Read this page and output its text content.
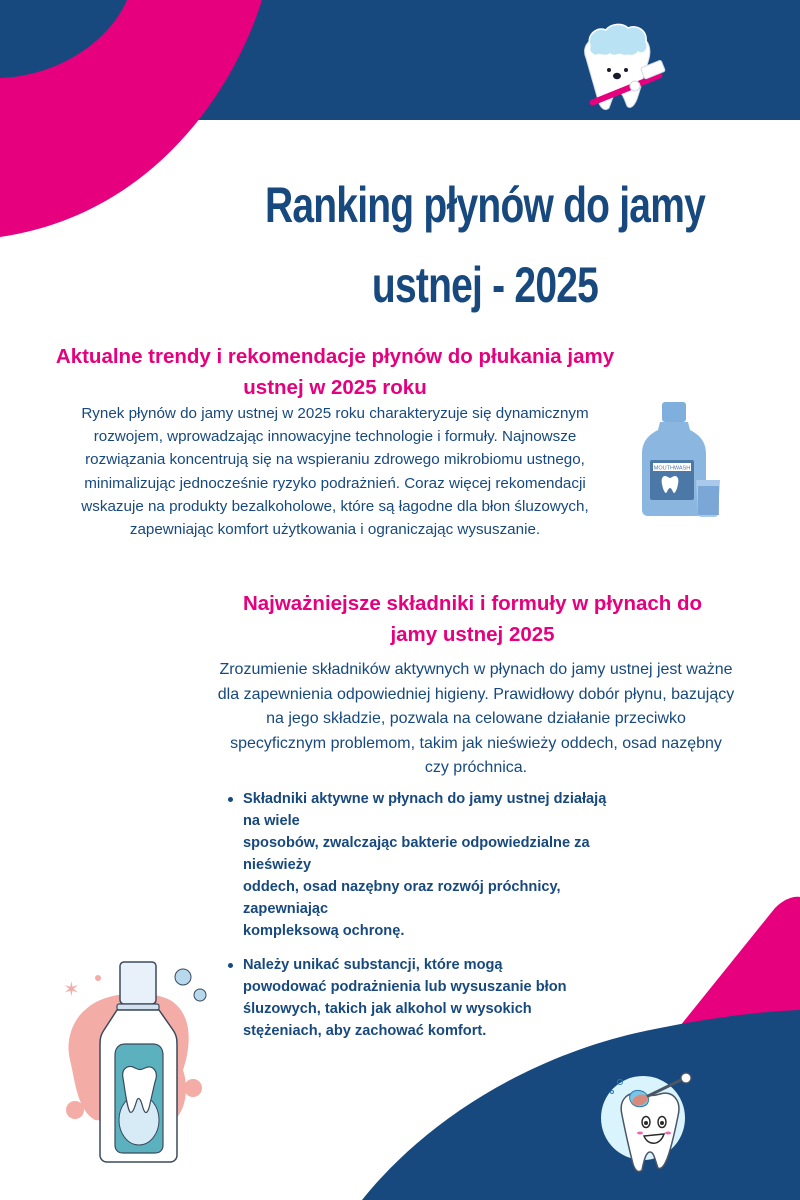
Ranking płynów do jamy
ustnej - 2025
Aktualne trendy i rekomendacje płynów do płukania jamy
ustnej w 2025 roku
Rynek płynów do jamy ustnej w 2025 roku charakteryzuje się dynamicznym
rozwojem, wprowadzając innowacyjne technologie i formuły. Najnowsze
rozwiązania koncentrują się na wspieraniu zdrowego mikrobiomu ustnego,
minimalizując jednocześnie ryzyko podrażnień. Coraz więcej rekomendacji
wskazuje na produkty bezalkoholowe, które są łagodne dla błon śluzowych,
zapewniając komfort użytkowania i ograniczając wysuszanie.
MOUTHWASH
Najważniejsze składniki i formuły w płynach do
jamy ustnej 2025
Zrozumienie składników aktywnych w płynach do jamy ustnej jest ważne
dla zapewnienia odpowiedniej higieny. Prawidłowy dobór płynu, bazujący
na jego składzie, pozwala na celowane działanie przeciwko
specyficznym problemom, takim jak nieświeży oddech, osad nazębny
czy próchnica.
Składniki aktywne w płynach do jamy ustnej działają na wiele
sposobów, zwalczając bakterie odpowiedzialne za nieświeży
oddech, osad nazębny oraz rozwój próchnicy, zapewniając
kompleksową ochronę.
Należy unikać substancji, które mogą
powodować podrażnienia lub wysuszanie błon
śluzowych, takich jak alkohol w wysokich
stężeniach, aby zachować komfort.
✶
